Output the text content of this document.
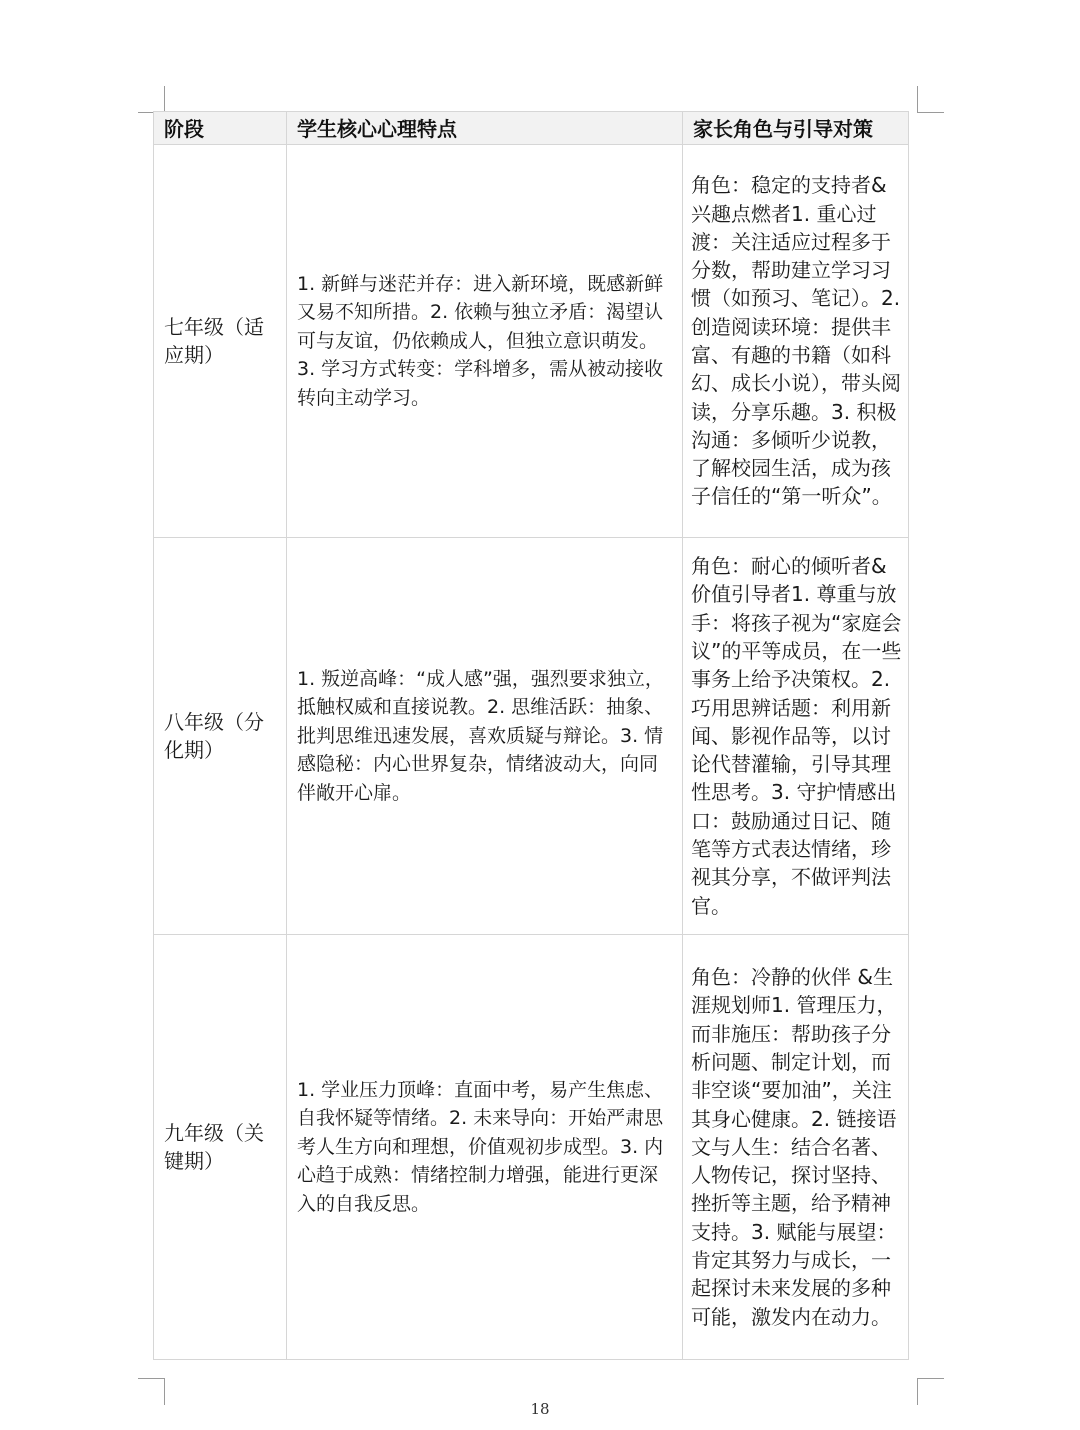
阶段	学生核心心理特点	家长角色与引导对策
七年级（适应期）	1. 新鲜与迷茫并存：进入新环境，既感新鲜又易不知所措。2. 依赖与独立矛盾：渴望认可与友谊，仍依赖成人，但独立意识萌发。3. 学习方式转变：学科增多，需从被动接收转向主动学习。	角色：稳定的支持者&兴趣点燃者1. 重心过渡：关注适应过程多于分数，帮助建立学习习惯（如预习、笔记）。2. 创造阅读环境：提供丰富、有趣的书籍（如科幻、成长小说），带头阅读，分享乐趣。3. 积极沟通：多倾听少说教，了解校园生活，成为孩子信任的“第一听众”。
八年级（分化期）	1. 叛逆高峰：“成人感”强，强烈要求独立，抵触权威和直接说教。2. 思维活跃：抽象、批判思维迅速发展，喜欢质疑与辩论。3. 情感隐秘：内心世界复杂，情绪波动大，向同伴敞开心扉。	角色：耐心的倾听者&价值引导者1. 尊重与放手：将孩子视为“家庭会议”的平等成员，在一些事务上给予决策权。2. 巧用思辨话题：利用新闻、影视作品等，以讨论代替灌输，引导其理性思考。3. 守护情感出口：鼓励通过日记、随笔等方式表达情绪，珍视其分享，不做评判法官。
九年级（关键期）	1. 学业压力顶峰：直面中考，易产生焦虑、自我怀疑等情绪。2. 未来导向：开始严肃思考人生方向和理想，价值观初步成型。3. 内心趋于成熟：情绪控制力增强，能进行更深入的自我反思。	角色：冷静的伙伴 &生涯规划师1. 管理压力，而非施压：帮助孩子分析问题、制定计划，而非空谈“要加油”，关注其身心健康。2. 链接语文与人生：结合名著、人物传记，探讨坚持、挫折等主题，给予精神支持。3. 赋能与展望：肯定其努力与成长，一起探讨未来发展的多种可能，激发内在动力。
18
